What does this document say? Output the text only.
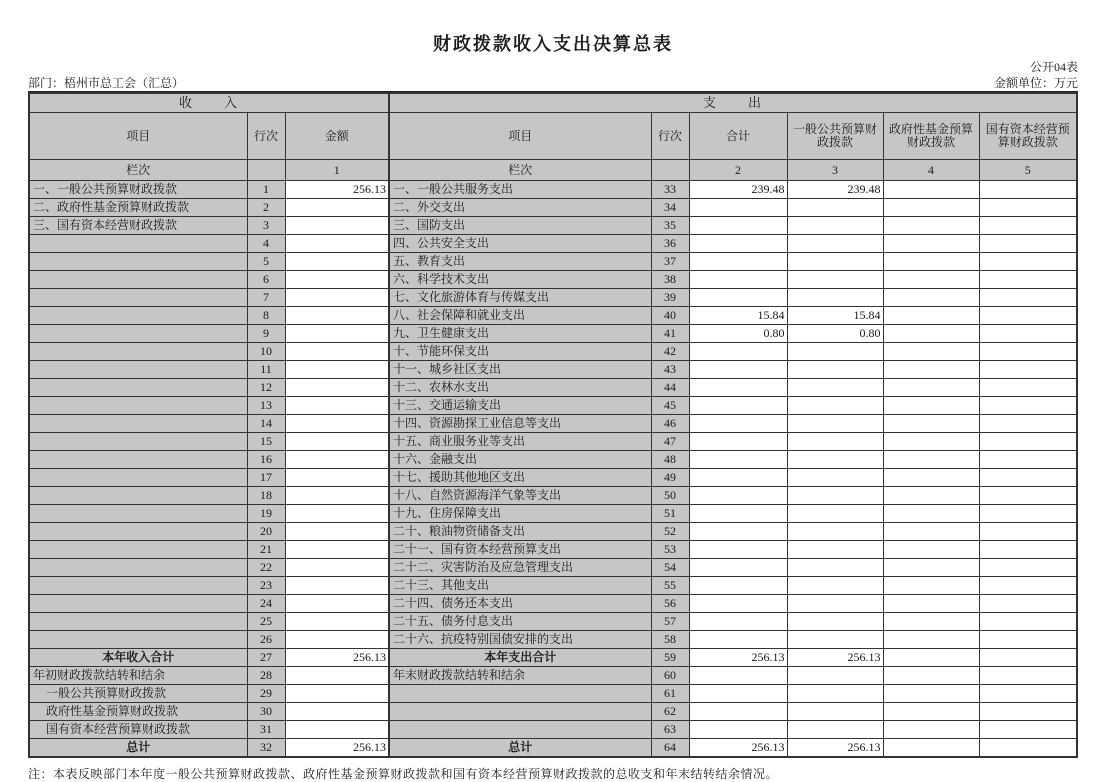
财政拨款收入支出决算总表
公开04表
部门：梧州市总工会（汇总）	金额单位：万元
收　　入			支　　出					
项目	行次	金额	项目	行次	合计	一般公共预算财政拨款	政府性基金预算财政拨款	国有资本经营预算财政拨款
栏次		1	栏次		2	3	4	5
一、一般公共预算财政拨款	1	256.13	一、一般公共服务支出	33	239.48	239.48		
二、政府性基金预算财政拨款	2		二、外交支出	34				
三、国有资本经营财政拨款	3		三、国防支出	35				
	4		四、公共安全支出	36				
	5		五、教育支出	37				
	6		六、科学技术支出	38				
	7		七、文化旅游体育与传媒支出	39				
	8		八、社会保障和就业支出	40	15.84	15.84		
	9		九、卫生健康支出	41	0.80	0.80		
	10		十、节能环保支出	42				
	11		十一、城乡社区支出	43				
	12		十二、农林水支出	44				
	13		十三、交通运输支出	45				
	14		十四、资源勘探工业信息等支出	46				
	15		十五、商业服务业等支出	47				
	16		十六、金融支出	48				
	17		十七、援助其他地区支出	49				
	18		十八、自然资源海洋气象等支出	50				
	19		十九、住房保障支出	51				
	20		二十、粮油物资储备支出	52				
	21		二十一、国有资本经营预算支出	53				
	22		二十二、灾害防治及应急管理支出	54				
	23		二十三、其他支出	55				
	24		二十四、债务还本支出	56				
	25		二十五、债务付息支出	57				
	26		二十六、抗疫特别国债安排的支出	58				
本年收入合计	27	256.13	本年支出合计	59	256.13	256.13		
年初财政拨款结转和结余	28		年末财政拨款结转和结余	60				
一般公共预算财政拨款	29			61				
政府性基金预算财政拨款	30			62				
国有资本经营预算财政拨款	31			63				
总计	32	256.13	总计	64	256.13	256.13		
注：本表反映部门本年度一般公共预算财政拨款、政府性基金预算财政拨款和国有资本经营预算财政拨款的总收支和年末结转结余情况。
